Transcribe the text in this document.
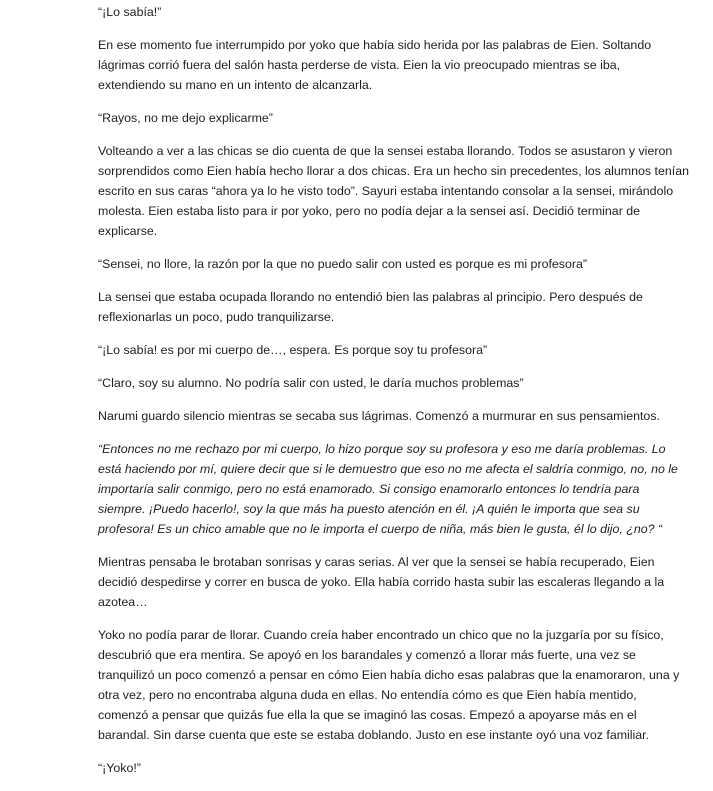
“¡Lo sabía!”

En ese momento fue interrumpido por yoko que había sido herida por las palabras de Eien. Soltando lágrimas corrió fuera del salón hasta perderse de vista. Eien la vio preocupado mientras se iba, extendiendo su mano en un intento de alcanzarla.

“Rayos, no me dejo explicarme”

Volteando a ver a las chicas se dio cuenta de que la sensei estaba llorando. Todos se asustaron y vieron sorprendidos como Eien había hecho llorar a dos chicas. Era un hecho sin precedentes, los alumnos tenían escrito en sus caras “ahora ya lo he visto todo”. Sayuri estaba intentando consolar a la sensei, mirándolo molesta. Eien estaba listo para ir por yoko, pero no podía dejar a la sensei así. Decidió terminar de explicarse.

“Sensei, no llore, la razón por la que no puedo salir con usted es porque es mi profesora”

La sensei que estaba ocupada llorando no entendió bien las palabras al principio. Pero después de reflexionarlas un poco, pudo tranquilizarse.

“¡Lo sabía! es por mi cuerpo de…, espera. Es porque soy tu profesora”

“Claro, soy su alumno. No podría salir con usted, le daría muchos problemas”

Narumi guardo silencio mientras se secaba sus lágrimas. Comenzó a murmurar en sus pensamientos.

“Entonces no me rechazo por mi cuerpo, lo hizo porque soy su profesora y eso me daría problemas. Lo está haciendo por mí, quiere decir que si le demuestro que eso no me afecta el saldría conmigo, no, no le importaría salir conmigo, pero no está enamorado. Si consigo enamorarlo entonces lo tendría para siempre. ¡Puedo hacerlo!, soy la que más ha puesto atención en él. ¡A quién le importa que sea su profesora! Es un chico amable que no le importa el cuerpo de niña, más bien le gusta, él lo dijo, ¿no? “

Mientras pensaba le brotaban sonrisas y caras serias. Al ver que la sensei se había recuperado, Eien decidió despedirse y correr en busca de yoko. Ella había corrido hasta subir las escaleras llegando a la azotea…

Yoko no podía parar de llorar. Cuando creía haber encontrado un chico que no la juzgaría por su físico, descubrió que era mentira. Se apoyó en los barandales y comenzó a llorar más fuerte, una vez se tranquilizó un poco comenzó a pensar en cómo Eien había dicho esas palabras que la enamoraron, una y otra vez, pero no encontraba alguna duda en ellas. No entendía cómo es que Eien había mentido, comenzó a pensar que quizás fue ella la que se imaginó las cosas. Empezó a apoyarse más en el barandal. Sin darse cuenta que este se estaba doblando. Justo en ese instante oyó una voz familiar.

“¡Yoko!”
